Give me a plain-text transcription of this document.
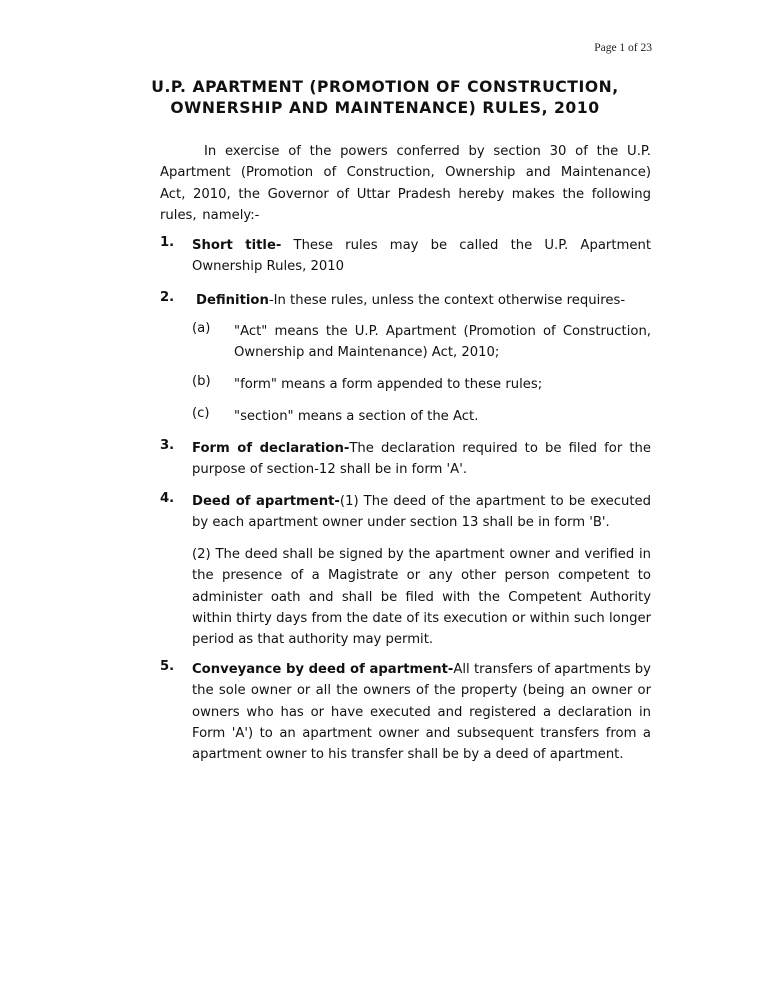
Page 1 of 23
U.P. APARTMENT (PROMOTION OF CONSTRUCTION,
OWNERSHIP AND MAINTENANCE) RULES, 2010
In exercise of the powers conferred by section 30 of the U.P. Apartment (Promotion of Construction, Ownership and Maintenance) Act, 2010, the Governor of Uttar Pradesh hereby makes the following rules, namely:-
1. Short title- These rules may be called the U.P. Apartment Ownership Rules, 2010
2. Definition-In these rules, unless the context otherwise requires-
(a) "Act" means the U.P. Apartment (Promotion of Construction, Ownership and Maintenance) Act, 2010;
(b) "form" means a form appended to these rules;
(c) "section" means a section of the Act.
3. Form of declaration-The declaration required to be filed for the purpose of section-12 shall be in form 'A'.
4. Deed of apartment-(1) The deed of the apartment to be executed by each apartment owner under section 13 shall be in form 'B'.
(2) The deed shall be signed by the apartment owner and verified in the presence of a Magistrate or any other person competent to administer oath and shall be filed with the Competent Authority within thirty days from the date of its execution or within such longer period as that authority may permit.
5. Conveyance by deed of apartment-All transfers of apartments by the sole owner or all the owners of the property (being an owner or owners who has or have executed and registered a declaration in Form 'A') to an apartment owner and subsequent transfers from a apartment owner to his transfer shall be by a deed of apartment.
